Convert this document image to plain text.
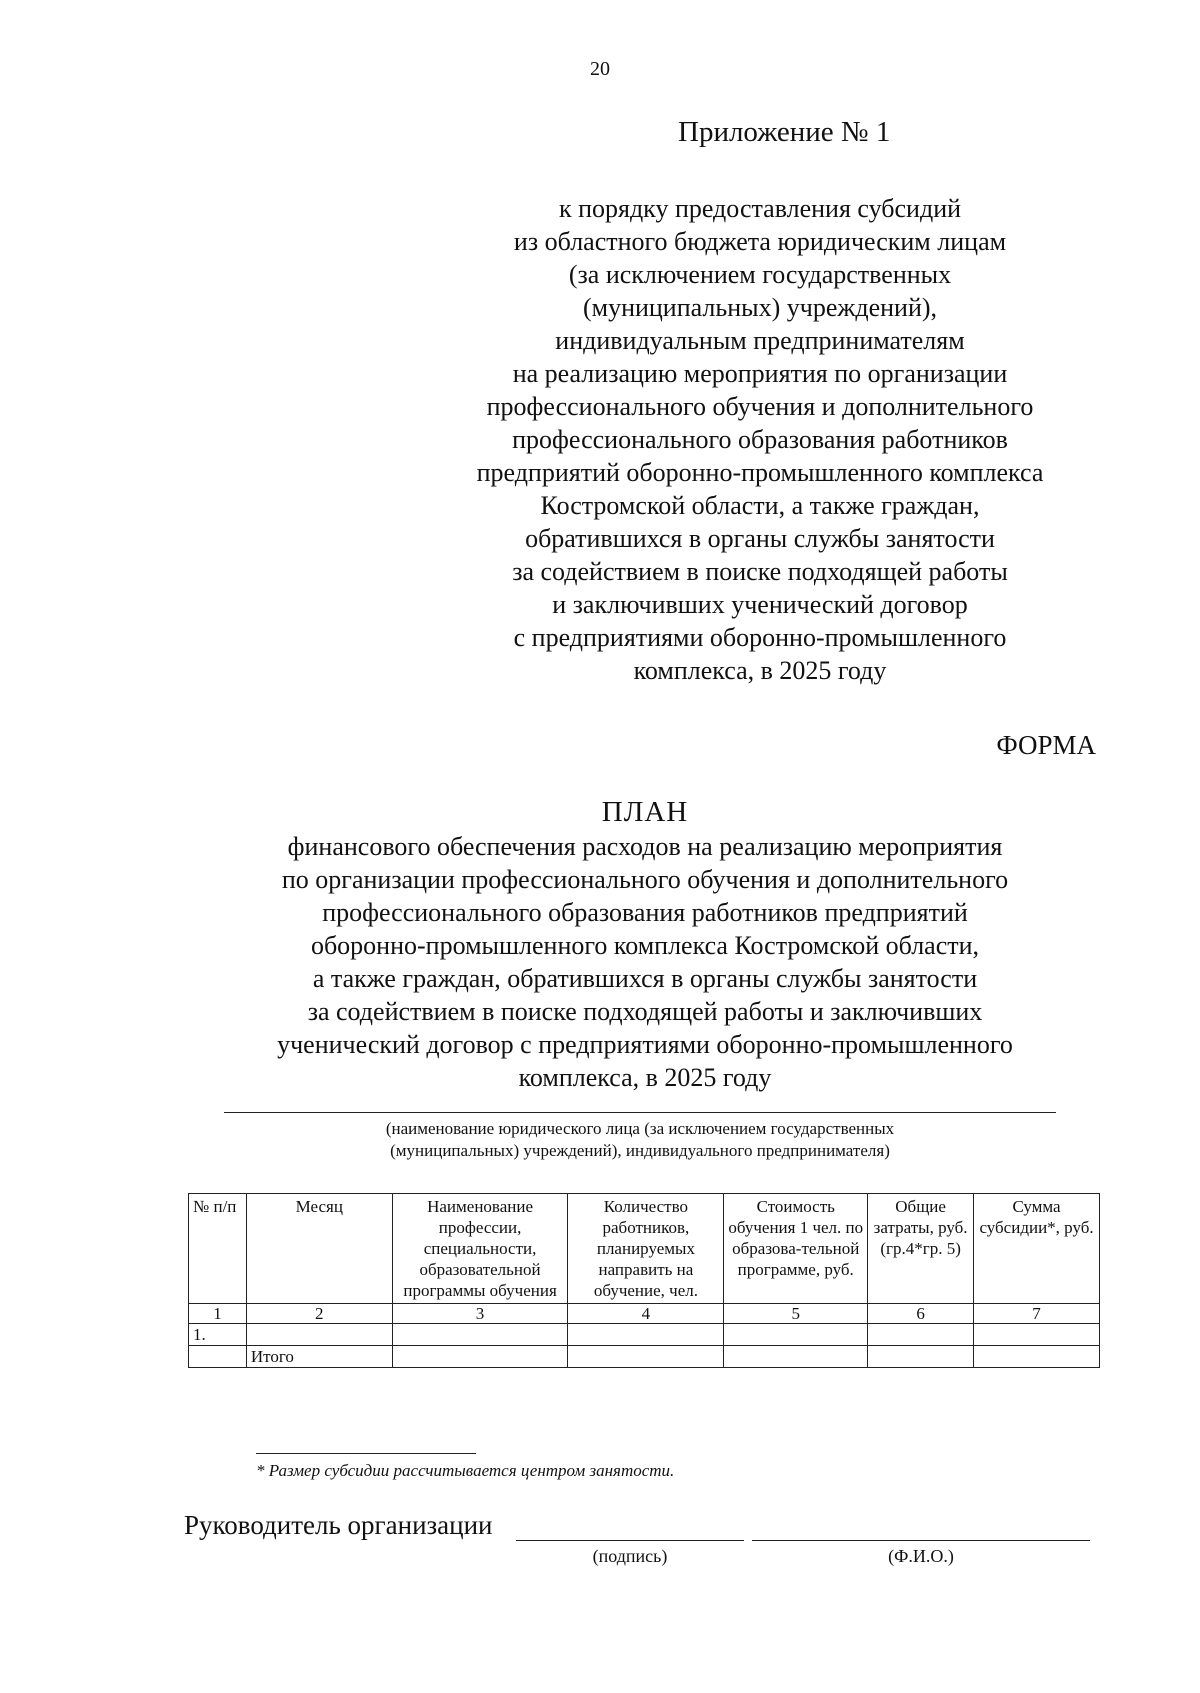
20
Приложение № 1
к порядку предоставления субсидий
из областного бюджета юридическим лицам
(за исключением государственных
(муниципальных) учреждений),
индивидуальным предпринимателям
на реализацию мероприятия по организации
профессионального обучения и дополнительного
профессионального образования работников
предприятий оборонно-промышленного комплекса
Костромской области, а также граждан,
обратившихся в органы службы занятости
за содействием в поиске подходящей работы
и заключивших ученический договор
с предприятиями оборонно-промышленного
комплекса, в 2025 году
ФОРМА
ПЛАН
финансового обеспечения расходов на реализацию мероприятия
по организации профессионального обучения и дополнительного
профессионального образования работников предприятий
оборонно-промышленного комплекса Костромской области,
а также граждан, обратившихся в органы службы занятости
за содействием в поиске подходящей работы и заключивших
ученический договор с предприятиями оборонно-промышленного
комплекса, в 2025 году
(наименование юридического лица (за исключением государственных
(муниципальных) учреждений), индивидуального предпринимателя)
№ п/п	Месяц	Наименование профессии, специальности, образовательной программы обучения	Количество работников, планируемых направить на обучение, чел.	Стоимость обучения 1 чел. по образова-тельной программе, руб.	Общие затраты, руб. (гр.4*гр. 5)	Сумма субсидии*, руб.
1	2	3	4	5	6	7
1.						
	Итого					
* Размер субсидии рассчитывается центром занятости.
Руководитель организации
(подпись)	(Ф.И.О.)
